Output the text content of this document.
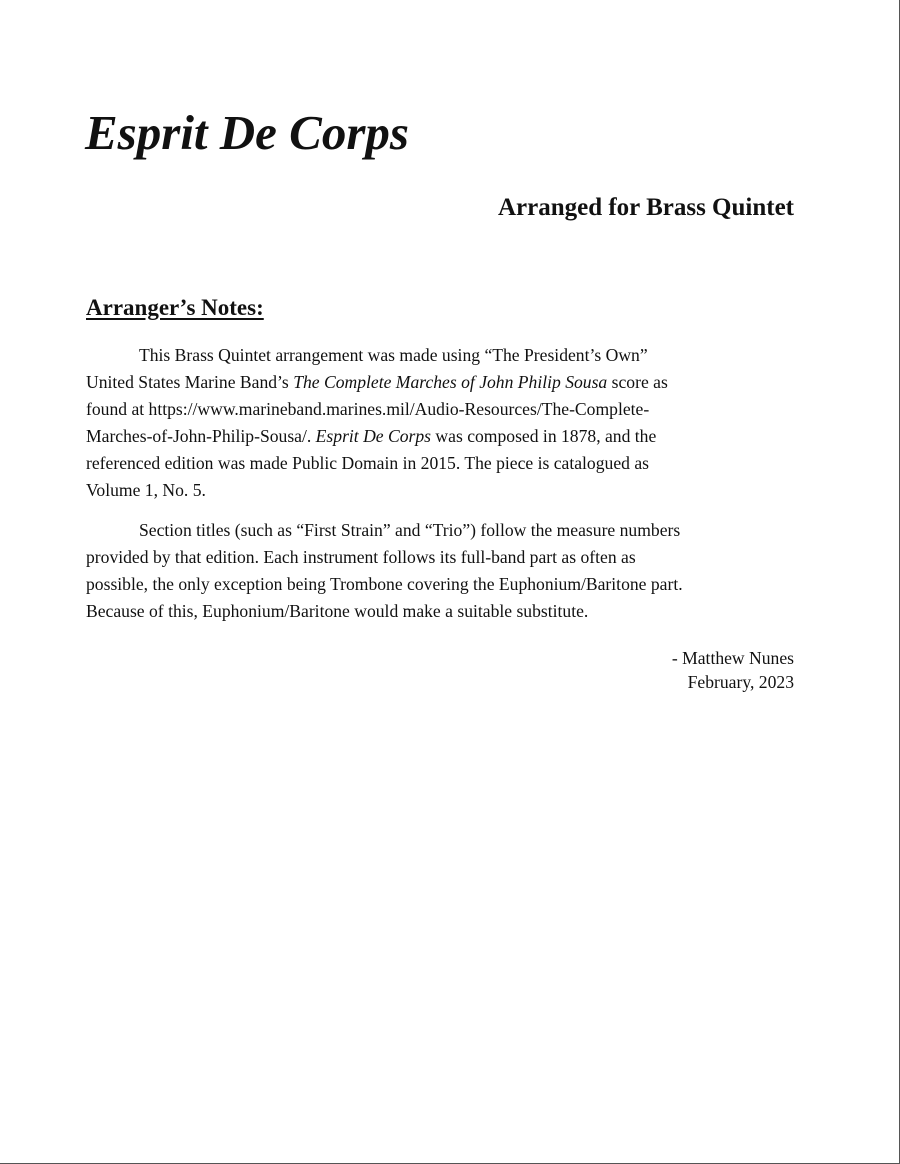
Esprit De Corps
Arranged for Brass Quintet
Arranger’s Notes:

This Brass Quintet arrangement was made using “The President’s Own”
United States Marine Band’s The Complete Marches of John Philip Sousa score as
found at https://www.marineband.marines.mil/Audio-Resources/The-Complete-
Marches-of-John-Philip-Sousa/. Esprit De Corps was composed in 1878, and the
referenced edition was made Public Domain in 2015. The piece is catalogued as
Volume 1, No. 5.

Section titles (such as “First Strain” and “Trio”) follow the measure numbers
provided by that edition. Each instrument follows its full-band part as often as
possible, the only exception being Trombone covering the Euphonium/Baritone part.
Because of this, Euphonium/Baritone would make a suitable substitute.

- Matthew Nunes
February, 2023
